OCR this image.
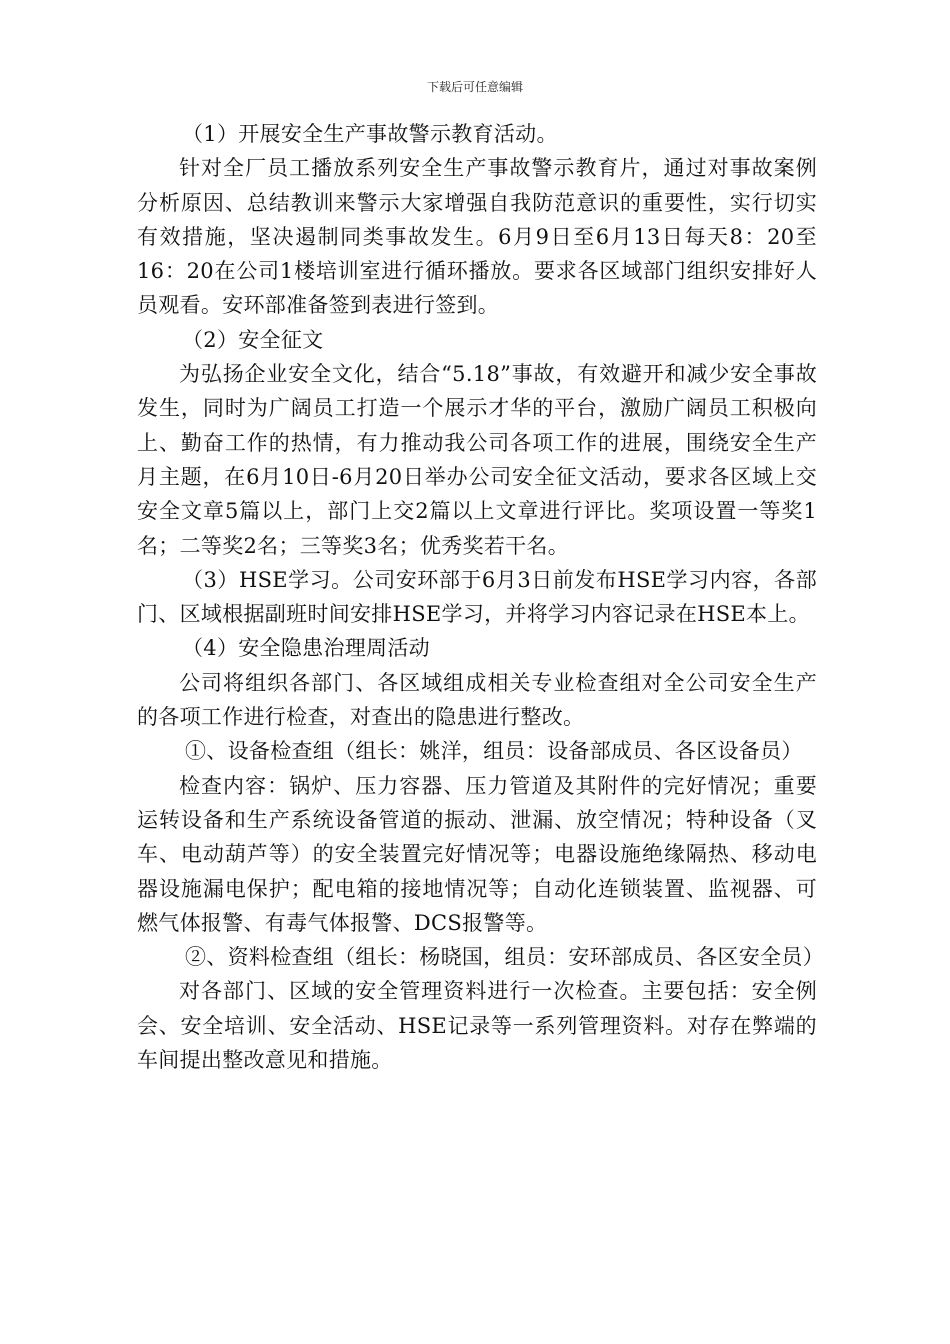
下载后可任意编辑

（1）开展安全生产事故警示教育活动。

针对全厂员工播放系列安全生产事故警示教育片，通过对事故案例分析原因、总结教训来警示大家增强自我防范意识的重要性，实行切实有效措施，坚决遏制同类事故发生。6月9日至6月13日每天8：20至16：20在公司1楼培训室进行循环播放。要求各区域部门组织安排好人员观看。安环部准备签到表进行签到。

（2）安全征文

为弘扬企业安全文化，结合“5.18”事故，有效避开和减少安全事故发生，同时为广阔员工打造一个展示才华的平台，激励广阔员工积极向上、勤奋工作的热情，有力推动我公司各项工作的进展，围绕安全生产月主题，在6月10日-6月20日举办公司安全征文活动，要求各区域上交安全文章5篇以上，部门上交2篇以上文章进行评比。奖项设置一等奖1名；二等奖2名；三等奖3名；优秀奖若干名。

（3）HSE学习。公司安环部于6月3日前发布HSE学习内容，各部门、区域根据副班时间安排HSE学习，并将学习内容记录在HSE本上。

（4）安全隐患治理周活动

公司将组织各部门、各区域组成相关专业检查组对全公司安全生产的各项工作进行检查，对查出的隐患进行整改。

①、设备检查组（组长：姚洋，组员：设备部成员、各区设备员）

检查内容：锅炉、压力容器、压力管道及其附件的完好情况；重要运转设备和生产系统设备管道的振动、泄漏、放空情况；特种设备（叉车、电动葫芦等）的安全装置完好情况等；电器设施绝缘隔热、移动电器设施漏电保护；配电箱的接地情况等；自动化连锁装置、监视器、可燃气体报警、有毒气体报警、DCS报警等。

②、资料检查组（组长：杨晓国，组员：安环部成员、各区安全员）

对各部门、区域的安全管理资料进行一次检查。主要包括：安全例会、安全培训、安全活动、HSE记录等一系列管理资料。对存在弊端的车间提出整改意见和措施。
